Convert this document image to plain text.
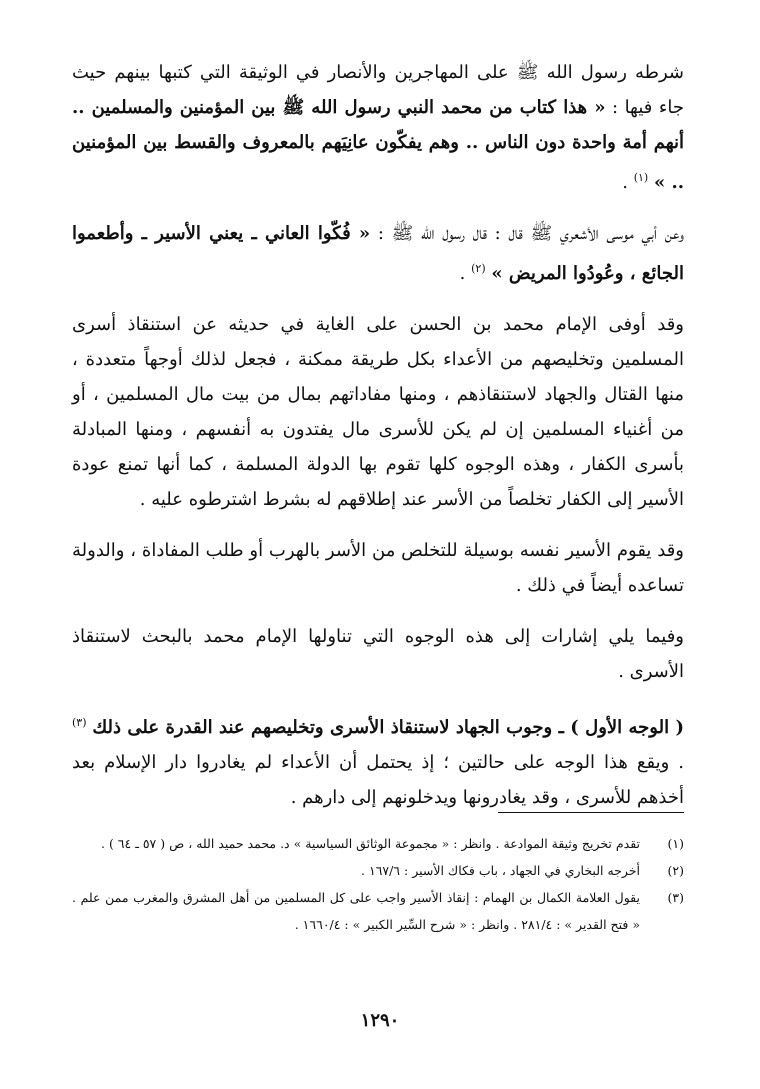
شرطه رسول الله ﷺ على المهاجرين والأنصار في الوثيقة التي كتبها بينهم حيث جاء فيها : « هذا كتاب من محمد النبي رسول الله ﷺ بين المؤمنين والمسلمين .. أنهم أمة واحدة دون الناس .. وهم يفكّون عانِيَهم بالمعروف والقسط بين المؤمنين .. » $^{(١)}$ .

وعن أبي موسى الأشعري ﷺ قال : قال رسول الله ﷺ : « فُكّوا العاني ـ يعني الأسير ـ وأطعموا الجائع ، وعُودُوا المريض » $^{(٢)}$ .

وقد أوفى الإمام محمد بن الحسن على الغاية في حديثه عن استنقاذ أسرى المسلمين وتخليصهم من الأعداء بكل طريقة ممكنة ، فجعل لذلك أوجهاً متعددة ، منها القتال والجهاد لاستنقاذهم ، ومنها مفاداتهم بمال من بيت مال المسلمين ، أو من أغنياء المسلمين إن لم يكن للأسرى مال يفتدون به أنفسهم ، ومنها المبادلة بأسرى الكفار ، وهذه الوجوه كلها تقوم بها الدولة المسلمة ، كما أنها تمنع عودة الأسير إلى الكفار تخلصاً من الأسر عند إطلاقهم له بشرط اشترطوه عليه .

وقد يقوم الأسير نفسه بوسيلة للتخلص من الأسر بالهرب أو طلب المفاداة ، والدولة تساعده أيضاً في ذلك .

وفيما يلي إشارات إلى هذه الوجوه التي تناولها الإمام محمد بالبحث لاستنقاذ الأسرى .

( الوجه الأول ) ـ وجوب الجهاد لاستنقاذ الأسرى وتخليصهم عند القدرة على ذلك $^{(٣)}$ . ويقع هذا الوجه على حالتين ؛ إذ يحتمل أن الأعداء لم يغادروا دار الإسلام بعد أخذهم للأسرى ، وقد يغادرونها ويدخلونهم إلى دارهم .

(١)
تقدم تخريج وثيقة الموادعة . وانظر : « مجموعة الوثائق السياسية » د. محمد حميد الله ، ص ( ٥٧ ـ ٦٤ ) .
(٢)
أخرجه البخاري في الجهاد ، باب فكاك الأسير : ١٦٧/٦ .
(٣)
يقول العلامة الكمال بن الهمام : إنقاذ الأسير واجب على كل المسلمين من أهل المشرق والمغرب ممن علم . « فتح القدير » : ٢٨١/٤ . وانظر : « شرح السِّير الكبير » : ١٦٦٠/٤ .
١٢٩٠
